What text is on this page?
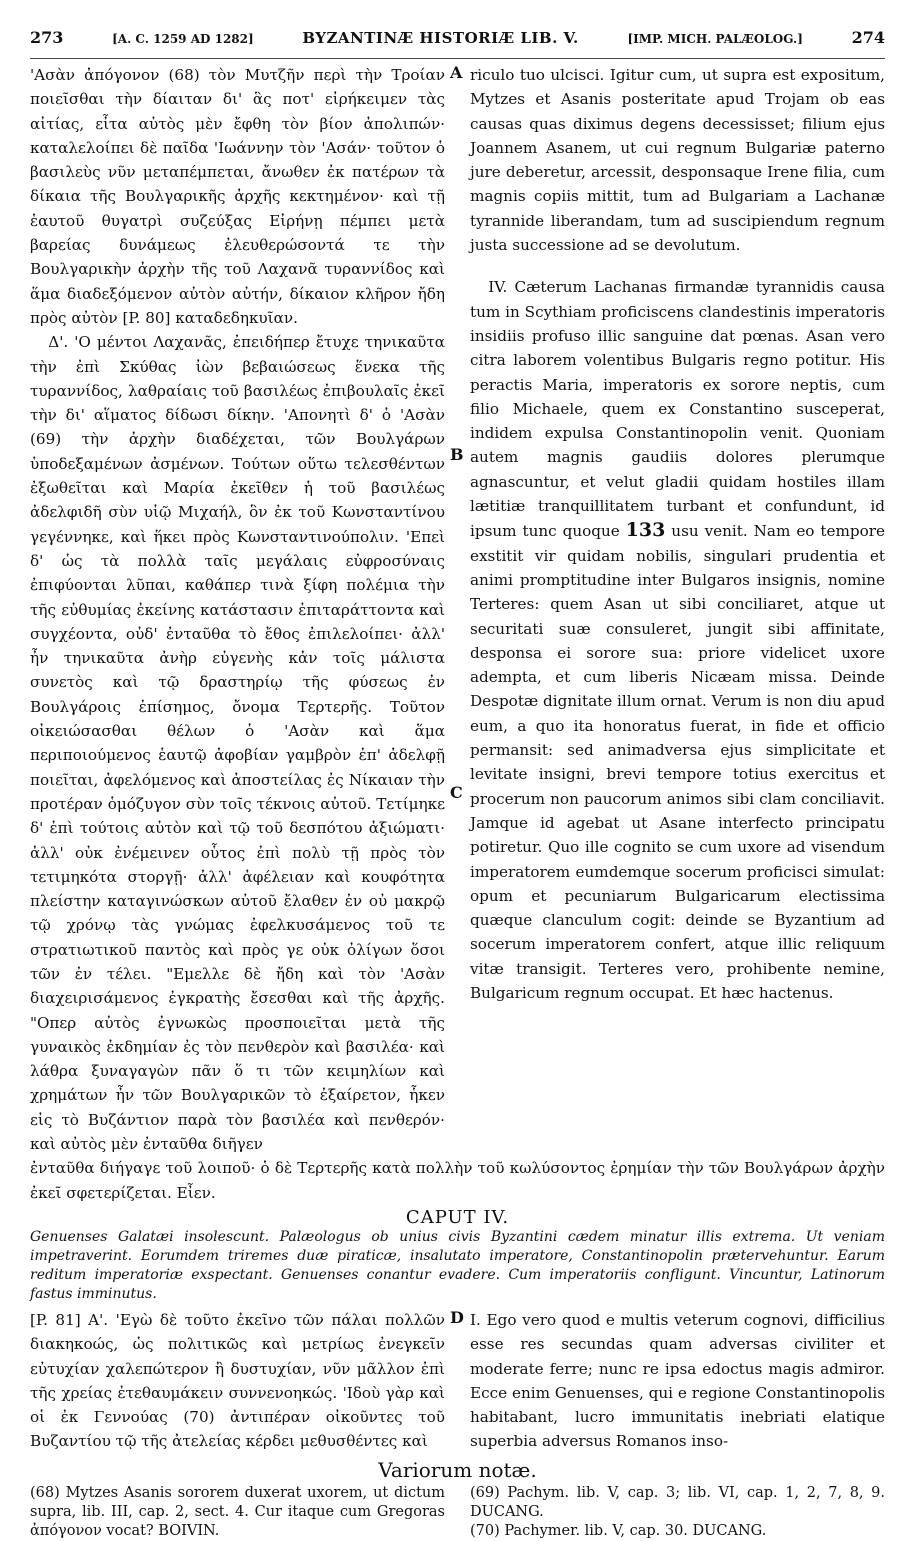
273	[A. C. 1259 AD 1282]	BYZANTINÆ HISTORIÆ LIB. V.	[IMP. MICH. PALÆOLOG.]	274

'Ασὰν ἀπόγονον (68) τὸν Μυτζῆν περὶ τὴν Τροίαν ποιεῖσθαι τὴν δίαιταν δι' ἃς ποτ' εἰρήκειμεν τὰς αἰτίας, εἶτα αὐτὸς μὲν ἔφθη τὸν βίον ἀπολιπών· καταλελοίπει δὲ παῖδα 'Ιωάννην τὸν 'Ασάν· τοῦτον ὁ βασιλεὺς νῦν μεταπέμπεται, ἄνωθεν ἐκ πατέρων τὰ δίκαια τῆς Βουλγαρικῆς ἀρχῆς κεκτημένον· καὶ τῇ ἑαυτοῦ θυγατρὶ συζεύξας Εἰρήνῃ πέμπει μετὰ βαρείας δυνάμεως ἐλευθερώσοντά τε τὴν Βουλγαρικὴν ἀρχὴν τῆς τοῦ Λαχανᾶ τυραννίδος καὶ ἅμα διαδεξόμενον αὐτὸν αὐτήν, δίκαιον κλῆρον ἤδη πρὸς αὐτὸν [P. 80] καταδεδηκυῖαν.

Δ'. 'Ο μέντοι Λαχανᾶς, ἐπειδήπερ ἔτυχε τηνικαῦτα τὴν ἐπὶ Σκύθας ἰὼν βεβαιώσεως ἕνεκα τῆς τυραννίδος, λαθραίαις τοῦ βασιλέως ἐπιβουλαῖς ἐκεῖ τὴν δι' αἵματος δίδωσι δίκην. 'Απονητὶ δ' ὁ 'Ασὰν (69) τὴν ἀρχὴν διαδέχεται, τῶν Βουλγάρων ὑποδεξαμένων ἀσμένων. Τούτων οὕτω τελεσθέντων ἐξωθεῖται καὶ Μαρία ἐκεῖθεν ἡ τοῦ βασιλέως ἀδελφιδῆ σὺν υἱῷ Μιχαήλ, ὃν ἐκ τοῦ Κωνσταντίνου γεγέννηκε, καὶ ἥκει πρὸς Κωνσταντινούπολιν. 'Επεὶ δ' ὡς τὰ πολλὰ ταῖς μεγάλαις εὐφροσύναις ἐπιφύονται λῦπαι, καθάπερ τινὰ ξίφη πολέμια τὴν τῆς εὐθυμίας ἐκείνης κατάστασιν ἐπιταράττοντα καὶ συγχέοντα, οὐδ' ἐνταῦθα τὸ ἔθος ἐπιλελοίπει· ἀλλ' ἦν τηνικαῦτα ἀνὴρ εὐγενὴς κἀν τοῖς μάλιστα συνετὸς καὶ τῷ δραστηρίῳ τῆς φύσεως ἐν Βουλγάροις ἐπίσημος, ὄνομα Τερτερῆς. Τοῦτον οἰκειώσασθαι θέλων ὁ 'Ασὰν καὶ ἅμα περιποιούμενος ἑαυτῷ ἀφοβίαν γαμβρὸν ἐπ' ἀδελφῇ ποιεῖται, ἀφελόμενος καὶ ἀποστείλας ἐς Νίκαιαν τὴν προτέραν ὁμόζυγον σὺν τοῖς τέκνοις αὐτοῦ. Τετίμηκε δ' ἐπὶ τούτοις αὐτὸν καὶ τῷ τοῦ δεσπότου ἀξιώματι· ἀλλ' οὐκ ἐνέμεινεν οὗτος ἐπὶ πολὺ τῇ πρὸς τὸν τετιμηκότα στοργῇ· ἀλλ' ἀφέλειαν καὶ κουφότητα πλείστην καταγινώσκων αὐτοῦ ἔλαθεν ἐν οὐ μακρῷ τῷ χρόνῳ τὰς γνώμας ἐφελκυσάμενος τοῦ τε στρατιωτικοῦ παντὸς καὶ πρὸς γε οὐκ ὀλίγων ὅσοι τῶν ἐν τέλει. "Εμελλε δὲ ἤδη καὶ τὸν 'Ασὰν διαχειρισάμενος ἐγκρατὴς ἔσεσθαι καὶ τῆς ἀρχῆς. "Οπερ αὐτὸς ἐγνωκὼς προσποιεῖται μετὰ τῆς γυναικὸς ἐκδημίαν ἐς τὸν πενθερὸν καὶ βασιλέα· καὶ λάθρα ξυναγαγὼν πᾶν ὅ τι τῶν κειμηλίων καὶ χρημάτων ἦν τῶν Βουλγαρικῶν τὸ ἐξαίρετον, ἧκεν εἰς τὸ Βυζάντιον παρὰ τὸν βασιλέα καὶ πενθερόν· καὶ αὐτὸς μὲν ἐνταῦθα διῆγεν

A
B
C

riculo tuo ulcisci. Igitur cum, ut supra est expositum, Mytzes et Asanis posteritate apud Trojam ob eas causas quas diximus degens decessisset; filium ejus Joannem Asanem, ut cui regnum Bulgariæ paterno jure deberetur, arcessit, desponsaque Irene filia, cum magnis copiis mittit, tum ad Bulgariam a Lachanæ tyrannide liberandam, tum ad suscipiendum regnum justa successione ad se devolutum.

IV. Cæterum Lachanas firmandæ tyrannidis causa tum in Scythiam proficiscens clandestinis imperatoris insidiis profuso illic sanguine dat pœnas. Asan vero citra laborem volentibus Bulgaris regno potitur. His peractis Maria, imperatoris ex sorore neptis, cum filio Michaele, quem ex Constantino susceperat, indidem expulsa Constantinopolin venit. Quoniam autem magnis gaudiis dolores plerumque agnascuntur, et velut gladii quidam hostiles illam lætitiæ tranquillitatem turbant et confundunt, id ipsum tunc quoque 133 usu venit. Nam eo tempore exstitit vir quidam nobilis, singulari prudentia et animi promptitudine inter Bulgaros insignis, nomine Terteres: quem Asan ut sibi conciliaret, atque ut securitati suæ consuleret, jungit sibi affinitate, desponsa ei sorore sua: priore videlicet uxore adempta, et cum liberis Nicæam missa. Deinde Despotæ dignitate illum ornat. Verum is non diu apud eum, a quo ita honoratus fuerat, in fide et officio permansit: sed animadversa ejus simplicitate et levitate insigni, brevi tempore totius exercitus et procerum non paucorum animos sibi clam conciliavit. Jamque id agebat ut Asane interfecto principatu potiretur. Quo ille cognito se cum uxore ad visendum imperatorem eumdemque socerum proficisci simulat: opum et pecuniarum Bulgaricarum electissima quæque clanculum cogit: deinde se Byzantium ad socerum imperatorem confert, atque illic reliquum vitæ transigit. Terteres vero, prohibente nemine, Bulgaricum regnum occupat. Et hæc hactenus.

ἐνταῦθα διήγαγε τοῦ λοιποῦ· ὁ δὲ Τερτερῆς κατὰ πολλὴν τοῦ κωλύσοντος ἐρημίαν τὴν τῶν Βουλγάρων ἀρχὴν ἐκεῖ σφετερίζεται. Εἶεν.

CAPUT IV.
Genuenses Galatæi insolescunt. Palæologus ob unius civis Byzantini cædem minatur illis extrema. Ut veniam impetraverint. Eorumdem triremes duæ piraticæ, insalutato imperatore, Constantinopolin prætervehuntur. Earum reditum imperatoriæ exspectant. Genuenses conantur evadere. Cum imperatoriis confligunt. Vincuntur, Latinorum fastus imminutus.

[P. 81] Α'. 'Εγὼ δὲ τοῦτο ἐκεῖνο τῶν πάλαι πολλῶν διακηκοώς, ὡς πολιτικῶς καὶ μετρίως ἐνεγκεῖν εὐτυχίαν χαλεπώτερον ἢ δυστυχίαν, νῦν μᾶλλον ἐπὶ τῆς χρείας ἐτεθαυμάκειν συννενοηκώς. 'Ιδοὺ γὰρ καὶ οἱ ἐκ Γεννούας (70) ἀντιπέραν οἰκοῦντες τοῦ Βυζαντίου τῷ τῆς ἀτελείας κέρδει μεθυσθέντες καὶ

D I. Ego vero quod e multis veterum cognovi, difficilius esse res secundas quam adversas civiliter et moderate ferre; nunc re ipsa edoctus magis admiror. Ecce enim Genuenses, qui e regione Constantinopolis habitabant, lucro immunitatis inebriati elatique superbia adversus Romanos inso-

Variorum notæ.

(68) Mytzes Asanis sororem duxerat uxorem, ut dictum supra, lib. III, cap. 2, sect. 4. Cur itaque cum Gregoras ἀπόγονον vocat? BOIVIN.

(69) Pachym. lib. V, cap. 3; lib. VI, cap. 1, 2, 7, 8, 9. DUCANG.

(70) Pachymer. lib. V, cap. 30. DUCANG.
